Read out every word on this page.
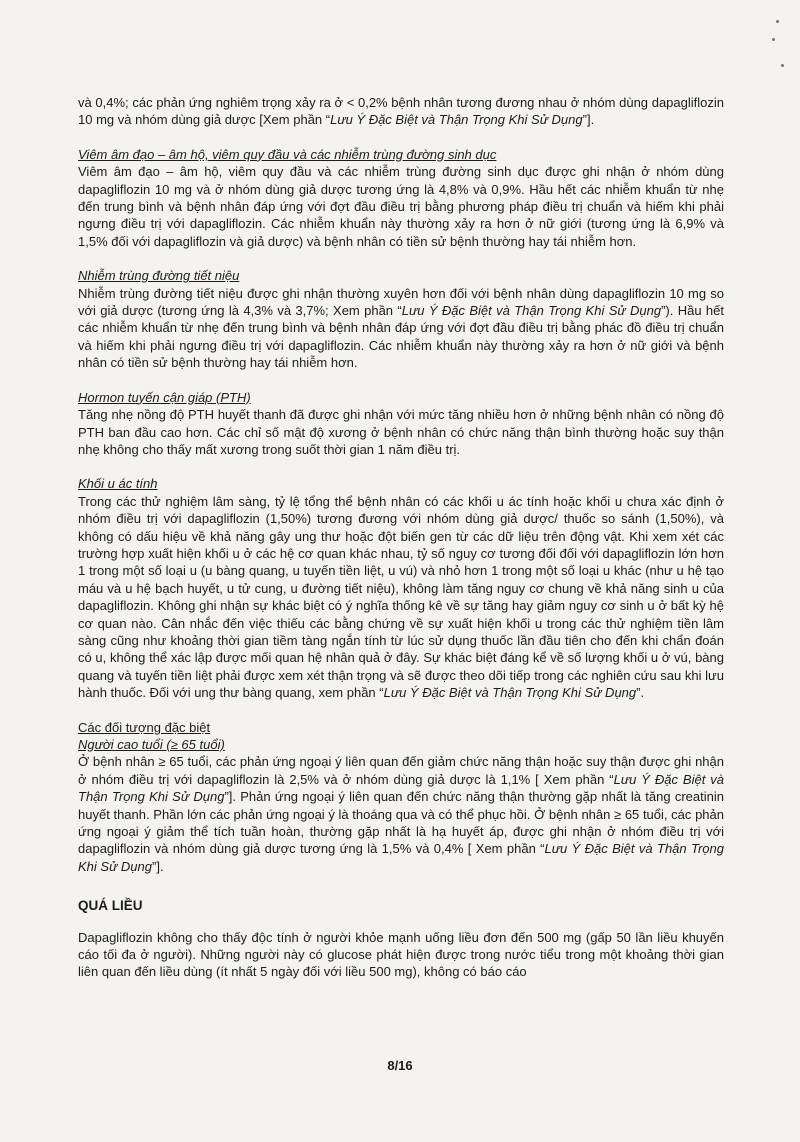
và 0,4%; các phản ứng nghiêm trọng xảy ra ở < 0,2% bệnh nhân tương đương nhau ở nhóm dùng dapagliflozin 10 mg và nhóm dùng giả dược [Xem phần “Lưu Ý Đặc Biệt và Thận Trọng Khi Sử Dụng”].

Viêm âm đạo – âm hộ, viêm quy đầu và các nhiễm trùng đường sinh dục

Viêm âm đạo – âm hộ, viêm quy đầu và các nhiễm trùng đường sinh dục được ghi nhận ở nhóm dùng dapagliflozin 10 mg và ở nhóm dùng giả dược tương ứng là 4,8% và 0,9%. Hầu hết các nhiễm khuẩn từ nhẹ đến trung bình và bệnh nhân đáp ứng với đợt đầu điều trị bằng phương pháp điều trị chuẩn và hiếm khi phải ngưng điều trị với dapagliflozin. Các nhiễm khuẩn này thường xảy ra hơn ở nữ giới (tương ứng là 6,9% và 1,5% đối với dapagliflozin và giả dược) và bệnh nhân có tiền sử bệnh thường hay tái nhiễm hơn.

Nhiễm trùng đường tiết niệu

Nhiễm trùng đường tiết niệu được ghi nhận thường xuyên hơn đối với bệnh nhân dùng dapagliflozin 10 mg so với giả dược (tương ứng là 4,3% và 3,7%; Xem phần “Lưu Ý Đặc Biệt và Thận Trọng Khi Sử Dụng”). Hầu hết các nhiễm khuẩn từ nhẹ đến trung bình và bệnh nhân đáp ứng với đợt đầu điều trị bằng phác đồ điều trị chuẩn và hiếm khi phải ngưng điều trị với dapagliflozin. Các nhiễm khuẩn này thường xảy ra hơn ở nữ giới và bệnh nhân có tiền sử bệnh thường hay tái nhiễm hơn.

Hormon tuyến cận giáp (PTH)

Tăng nhẹ nồng độ PTH huyết thanh đã được ghi nhận với mức tăng nhiều hơn ở những bệnh nhân có nồng độ PTH ban đầu cao hơn. Các chỉ số mật độ xương ở bệnh nhân có chức năng thận bình thường hoặc suy thận nhẹ không cho thấy mất xương trong suốt thời gian 1 năm điều trị.

Khối u ác tính

Trong các thử nghiệm lâm sàng, tỷ lệ tổng thể bệnh nhân có các khối u ác tính hoặc khối u chưa xác định ở nhóm điều trị với dapagliflozin (1,50%) tương đương với nhóm dùng giả dược/ thuốc so sánh (1,50%), và không có dấu hiệu về khả năng gây ung thư hoặc đột biến gen từ các dữ liệu trên động vật. Khi xem xét các trường hợp xuất hiện khối u ở các hệ cơ quan khác nhau, tỷ số nguy cơ tương đối đối với dapagliflozin lớn hơn 1 trong một số loại u (u bàng quang, u tuyến tiền liệt, u vú) và nhỏ hơn 1 trong một số loại u khác (như u hệ tạo máu và u hệ bạch huyết, u tử cung, u đường tiết niệu), không làm tăng nguy cơ chung về khả năng sinh u của dapagliflozin. Không ghi nhận sự khác biệt có ý nghĩa thống kê về sự tăng hay giảm nguy cơ sinh u ở bất kỳ hệ cơ quan nào. Cân nhắc đến việc thiếu các bằng chứng về sự xuất hiện khối u trong các thử nghiệm tiền lâm sàng cũng như khoảng thời gian tiềm tàng ngắn tính từ lúc sử dụng thuốc lần đầu tiên cho đến khi chẩn đoán có u, không thể xác lập được mối quan hệ nhân quả ở đây. Sự khác biệt đáng kể về số lượng khối u ở vú, bàng quang và tuyến tiền liệt phải được xem xét thận trọng và sẽ được theo dõi tiếp trong các nghiên cứu sau khi lưu hành thuốc. Đối với ung thư bàng quang, xem phần “Lưu Ý Đặc Biệt và Thận Trọng Khi Sử Dụng”.

Các đối tượng đặc biệt

Người cao tuổi (≥ 65 tuổi)

Ở bệnh nhân ≥ 65 tuổi, các phản ứng ngoại ý liên quan đến giảm chức năng thận hoặc suy thận được ghi nhận ở nhóm điều trị với dapagliflozin là 2,5% và ở nhóm dùng giả dược là 1,1% [ Xem phần “Lưu Ý Đặc Biệt và Thận Trọng Khi Sử Dụng”]. Phản ứng ngoại ý liên quan đến chức năng thận thường gặp nhất là tăng creatinin huyết thanh. Phần lớn các phản ứng ngoại ý là thoáng qua và có thể phục hồi. Ở bệnh nhân ≥ 65 tuổi, các phản ứng ngoại ý giảm thể tích tuần hoàn, thường gặp nhất là hạ huyết áp, được ghi nhận ở nhóm điều trị với dapagliflozin và nhóm dùng giả dược tương ứng là 1,5% và 0,4% [ Xem phần “Lưu Ý Đặc Biệt và Thận Trọng Khi Sử Dụng”].

QUÁ LIỀU

Dapagliflozin không cho thấy độc tính ở người khỏe mạnh uống liều đơn đến 500 mg (gấp 50 lần liều khuyến cáo tối đa ở người). Những người này có glucose phát hiện được trong nước tiểu trong một khoảng thời gian liên quan đến liều dùng (ít nhất 5 ngày đối với liều 500 mg), không có báo cáo

8/16
